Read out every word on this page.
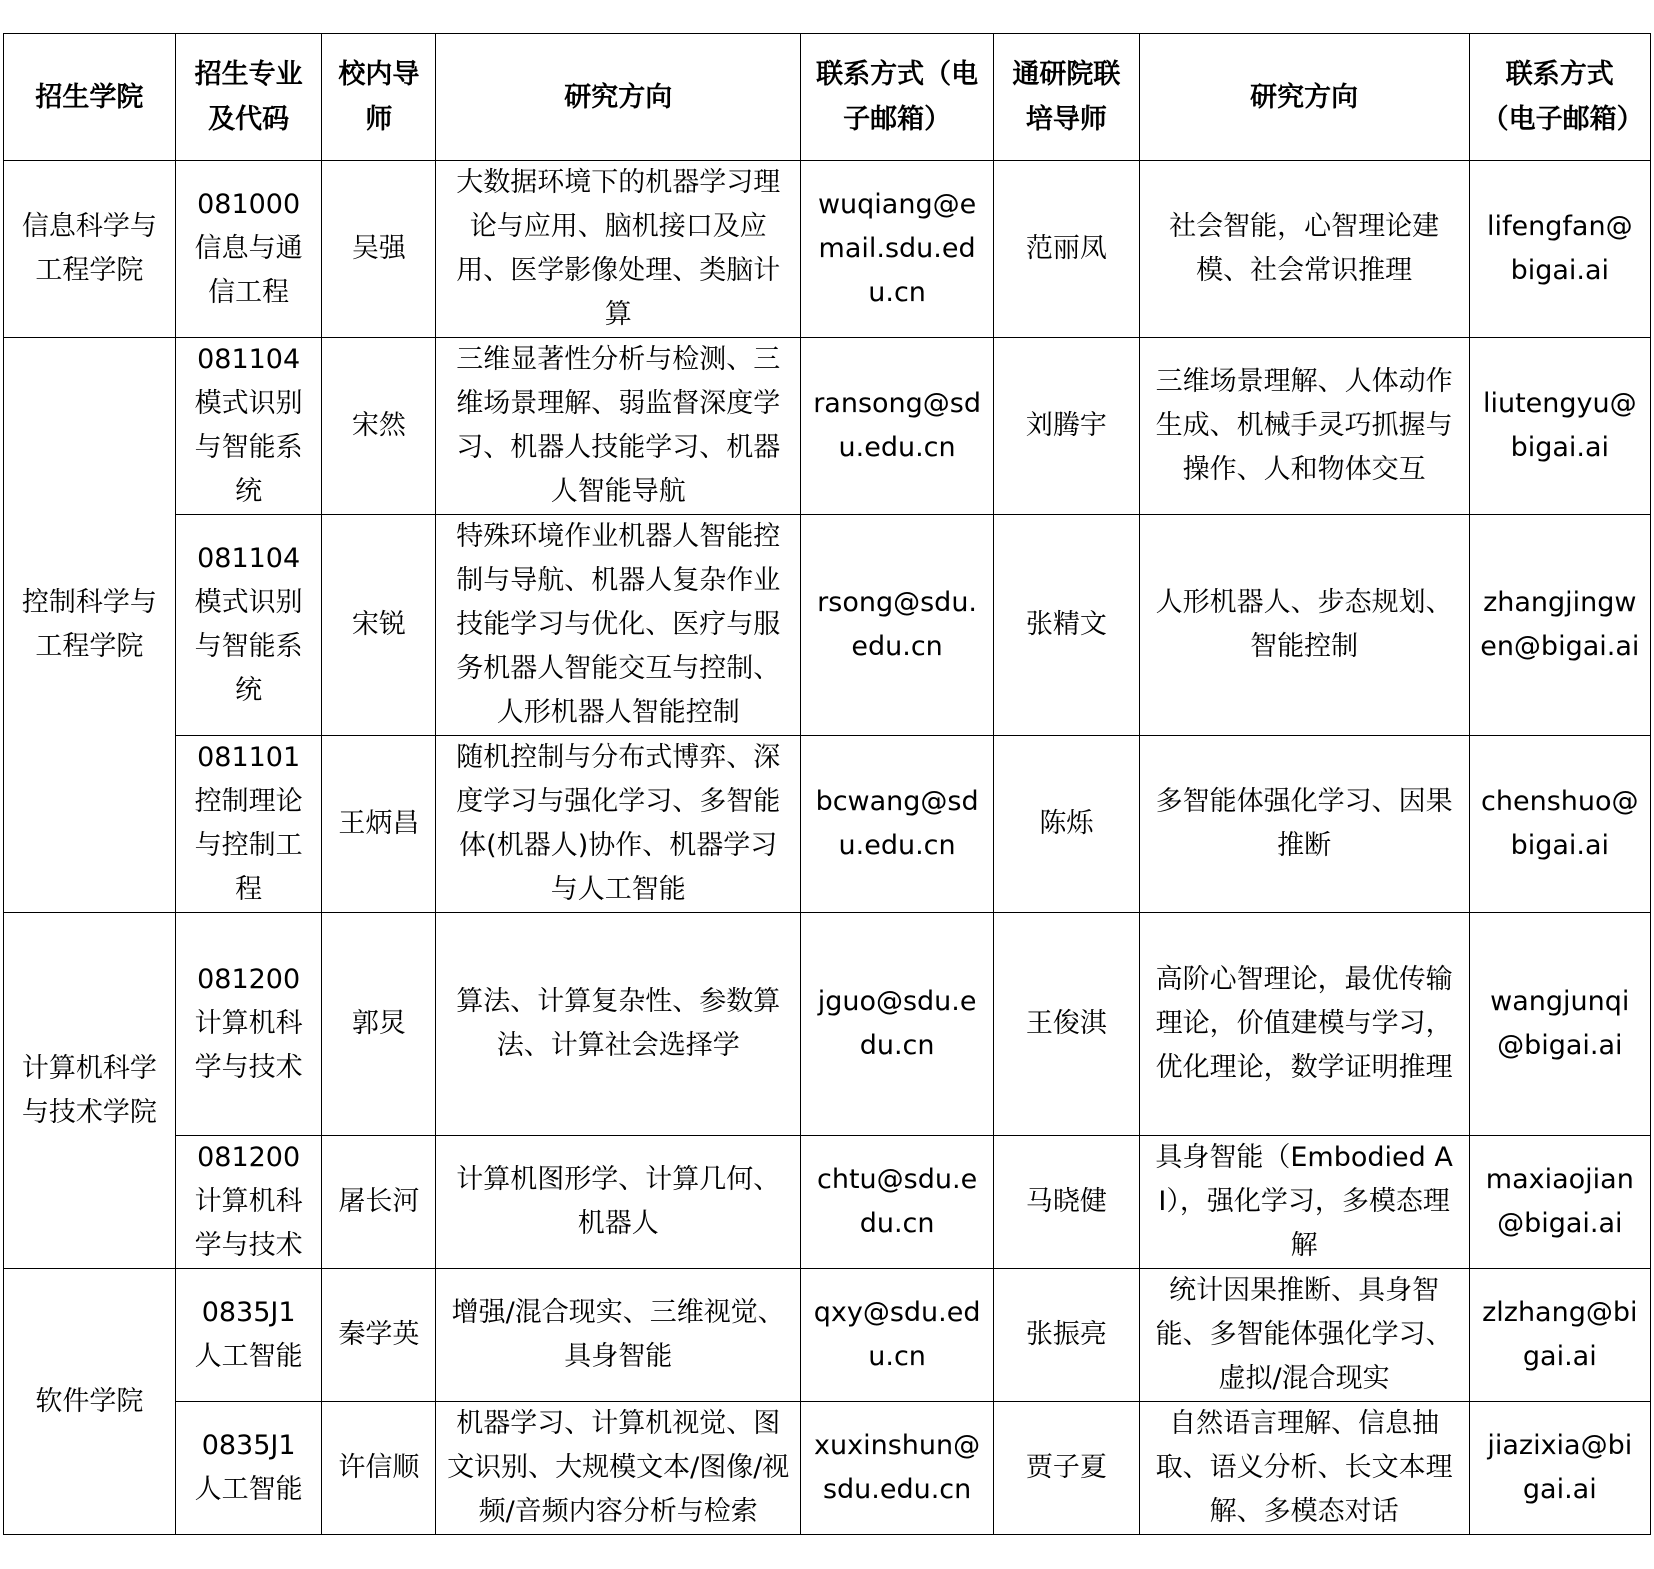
招生学院	招生专业及代码	校内导师	研究方向	联系方式（电子邮箱）	通研院联培导师	研究方向	联系方式（电子邮箱）
信息科学与工程学院	081000 信息与通信工程	吴强	大数据环境下的机器学习理论与应用、脑机接口及应用、医学影像处理、类脑计算	wuqiang@email.sdu.edu.cn	范丽凤	社会智能，心智理论建模、社会常识推理	lifengfan@bigai.ai
控制科学与工程学院	081104 模式识别与智能系统	宋然	三维显著性分析与检测、三维场景理解、弱监督深度学习、机器人技能学习、机器人智能导航	ransong@sdu.edu.cn	刘腾宇	三维场景理解、人体动作生成、机械手灵巧抓握与操作、人和物体交互	liutengyu@bigai.ai
	081104 模式识别与智能系统	宋锐	特殊环境作业机器人智能控制与导航、机器人复杂作业技能学习与优化、医疗与服务机器人智能交互与控制、人形机器人智能控制	rsong@sdu.edu.cn	张精文	人形机器人、步态规划、智能控制	zhangjingwen@bigai.ai
	081101 控制理论与控制工程	王炳昌	随机控制与分布式博弈、深度学习与强化学习、多智能体(机器人)协作、机器学习与人工智能	bcwang@sdu.edu.cn	陈烁	多智能体强化学习、因果推断	chenshuo@bigai.ai
计算机科学与技术学院	081200 计算机科学与技术	郭炅	算法、计算复杂性、参数算法、计算社会选择学	jguo@sdu.edu.cn	王俊淇	高阶心智理论，最优传输理论，价值建模与学习，优化理论，数学证明推理	wangjunqi@bigai.ai
	081200 计算机科学与技术	屠长河	计算机图形学、计算几何、机器人	chtu@sdu.edu.cn	马晓健	具身智能（Embodied AI），强化学习，多模态理解	maxiaojian@bigai.ai
软件学院	0835J1 人工智能	秦学英	增强/混合现实、三维视觉、具身智能	qxy@sdu.edu.cn	张振亮	统计因果推断、具身智能、多智能体强化学习、虚拟/混合现实	zlzhang@bigai.ai
	0835J1 人工智能	许信顺	机器学习、计算机视觉、图文识别、大规模文本/图像/视频/音频内容分析与检索	xuxinshun@sdu.edu.cn	贾子夏	自然语言理解、信息抽取、语义分析、长文本理解、多模态对话	jiazixia@bigai.ai
